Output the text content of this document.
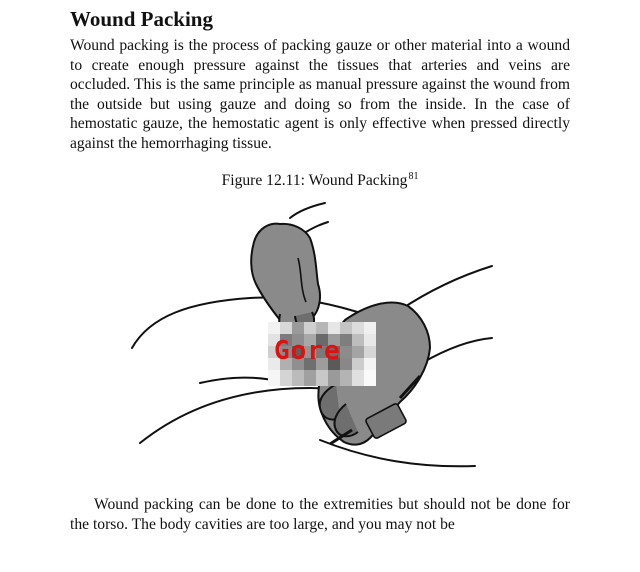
Wound Packing

Wound packing is the process of packing gauze or other material into a wound to create enough pressure against the tissues that arteries and veins are occluded. This is the same principle as manual pressure against the wound from the outside but using gauze and doing so from the inside. In the case of hemostatic gauze, the hemostatic agent is only effective when pressed directly against the hemorrhaging tissue.

Figure 12.11: Wound Packing$^{81}$
Gore

Wound packing can be done to the extremities but should not be done for the torso. The body cavities are too large, and you may not be
